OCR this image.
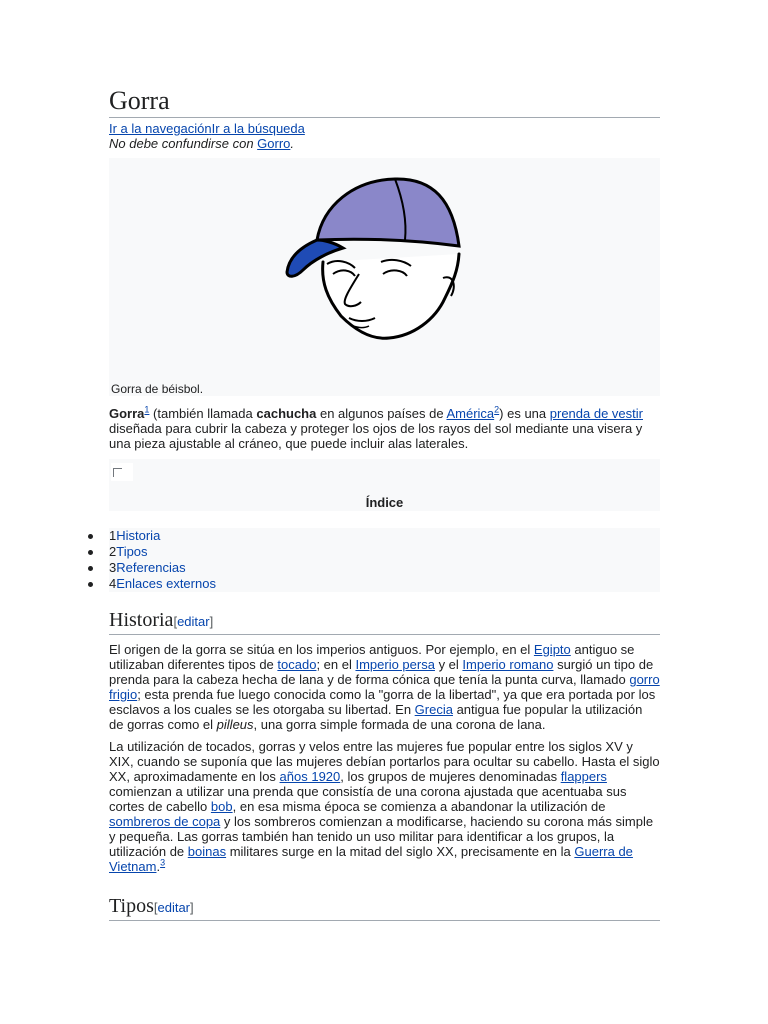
Gorra
Ir a la navegaciónIr a la búsqueda
No debe confundirse con Gorro.
Gorra de béisbol.

Gorra$^1$ (también llamada cachucha en algunos países de América$^2$) es una prenda de vestir diseñada para cubrir la cabeza y proteger los ojos de los rayos del sol mediante una visera y una pieza ajustable al cráneo, que puede incluir alas laterales.

Índice
1Historia
2Tipos
3Referencias
4Enlaces externos
Historia[editar]

El origen de la gorra se sitúa en los imperios antiguos. Por ejemplo, en el Egipto antiguo se utilizaban diferentes tipos de tocado; en el Imperio persa y el Imperio romano surgió un tipo de prenda para la cabeza hecha de lana y de forma cónica que tenía la punta curva, llamado gorro frigio; esta prenda fue luego conocida como la "gorra de la libertad", ya que era portada por los esclavos a los cuales se les otorgaba su libertad. En Grecia antigua fue popular la utilización de gorras como el pilleus, una gorra simple formada de una corona de lana.

La utilización de tocados, gorras y velos entre las mujeres fue popular entre los siglos XV y XIX, cuando se suponía que las mujeres debían portarlos para ocultar su cabello. Hasta el siglo XX, aproximadamente en los años 1920, los grupos de mujeres denominadas flappers comienzan a utilizar una prenda que consistía de una corona ajustada que acentuaba sus cortes de cabello bob, en esa misma época se comienza a abandonar la utilización de sombreros de copa y los sombreros comienzan a modificarse, haciendo su corona más simple y pequeña. Las gorras también han tenido un uso militar para identificar a los grupos, la utilización de boinas militares surge en la mitad del siglo XX, precisamente en la Guerra de Vietnam.$^3$

Tipos[editar]
